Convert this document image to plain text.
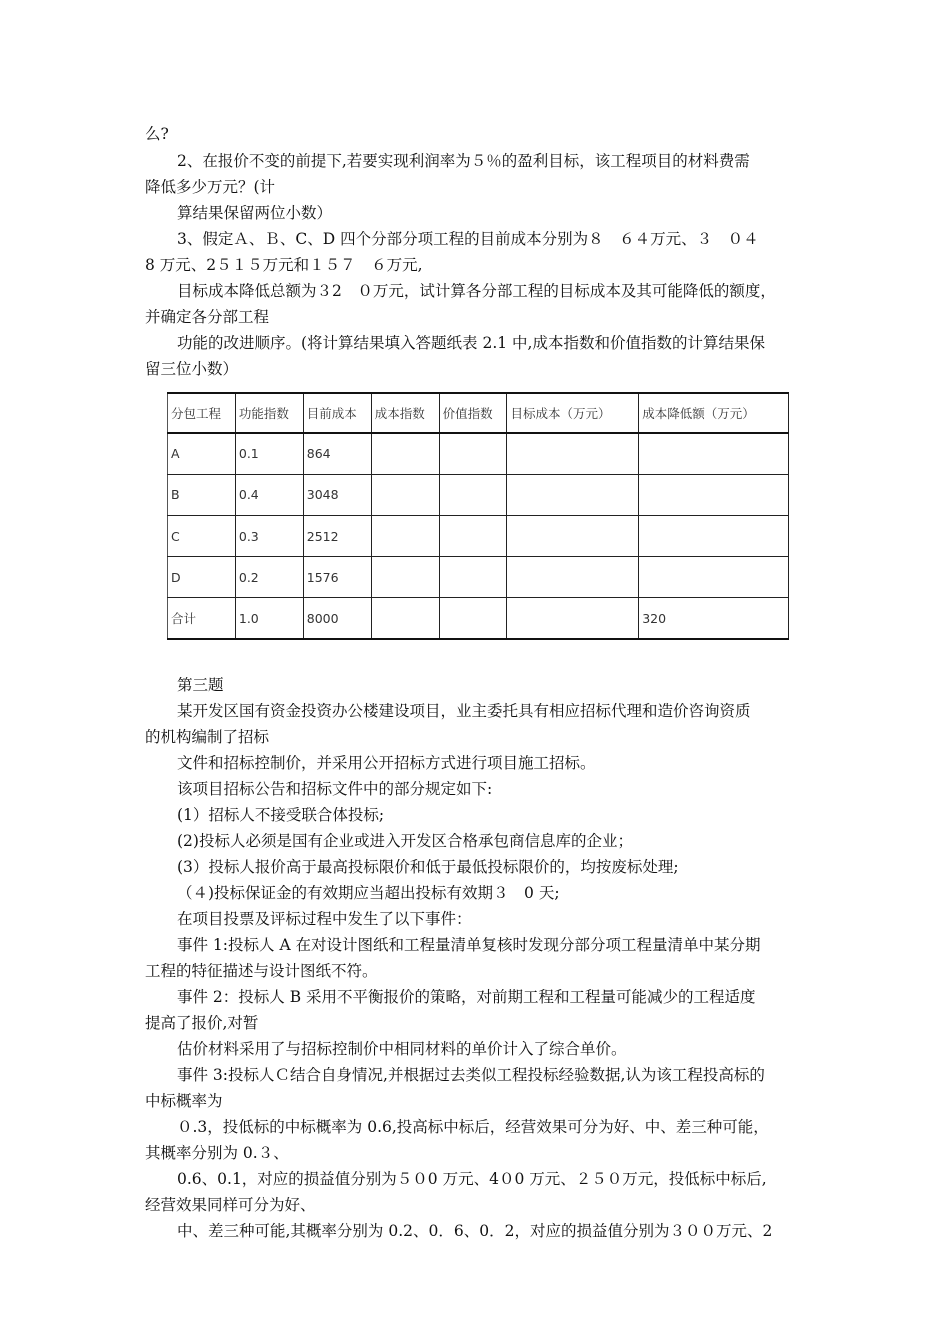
么?
2、在报价不变的前提下,若要实现利润率为５％的盈利目标，该工程项目的材料费需
降低多少万元？(计
算结果保留两位小数）
3、假定Ａ、Ｂ、C、D 四个分部分项工程的目前成本分别为８　６４万元、３　０４
8 万元、2５１５万元和１５７　６万元,
目标成本降低总额为３2　０万元，试计算各分部工程的目标成本及其可能降低的额度，
并确定各分部工程
功能的改进顺序。(将计算结果填入答题纸表 2.1 中,成本指数和价值指数的计算结果保
留三位小数）
分包工程	功能指数	目前成本	成本指数	价值指数	目标成本（万元）	成本降低额（万元）
A	0.1	864				
B	0.4	3048				
C	0.3	2512				
D	0.2	1576				
合计	1.0	8000				320
第三题
某开发区国有资金投资办公楼建设项目，业主委托具有相应招标代理和造价咨询资质
的机构编制了招标
文件和招标控制价，并采用公开招标方式进行项目施工招标。
该项目招标公告和招标文件中的部分规定如下:
(1）招标人不接受联合体投标;
(2)投标人必须是国有企业或进入开发区合格承包商信息库的企业；
(3）投标人报价高于最高投标限价和低于最低投标限价的，均按废标处理;
（４)投标保证金的有效期应当超出投标有效期３　0 天;
在项目投票及评标过程中发生了以下事件：
事件 1:投标人 A 在对设计图纸和工程量清单复核时发现分部分项工程量清单中某分期
工程的特征描述与设计图纸不符。
事件 2：投标人 B 采用不平衡报价的策略，对前期工程和工程量可能减少的工程适度
提高了报价,对暂
估价材料采用了与招标控制价中相同材料的单价计入了综合单价。
事件 3:投标人Ｃ结合自身情况,并根据过去类似工程投标经验数据,认为该工程投高标的
中标概率为
０.3，投低标的中标概率为 0.6,投高标中标后，经营效果可分为好、中、差三种可能，
其概率分别为 0.３、
0.6、0.1，对应的损益值分别为５０0 万元、4０0 万元、２５０万元，投低标中标后,
经营效果同样可分为好、
中、差三种可能,其概率分别为 0.2、0．6、0．2，对应的损益值分别为３００万元、2
